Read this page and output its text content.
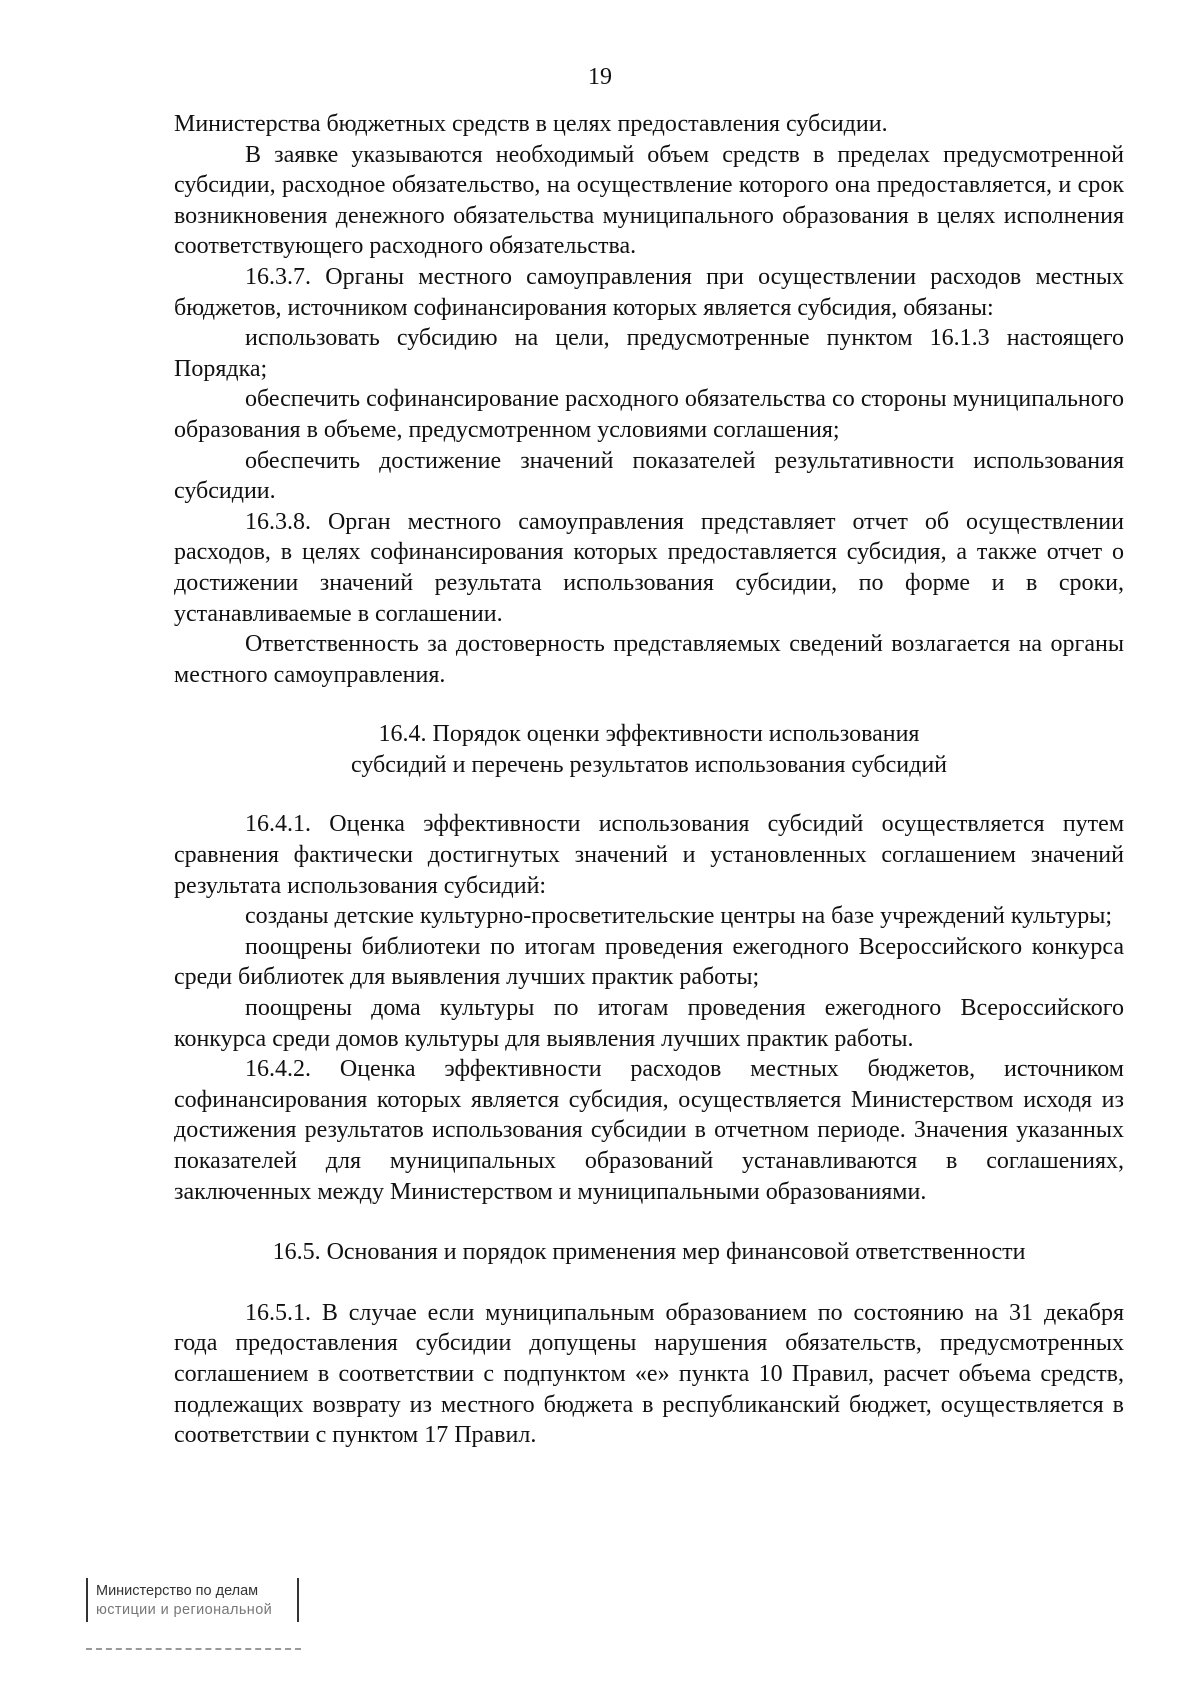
19

Министерства бюджетных средств в целях предоставления субсидии.

В заявке указываются необходимый объем средств в пределах предусмотренной субсидии, расходное обязательство, на осуществление которого она предоставляется, и срок возникновения денежного обязательства муниципального образования в целях исполнения соответствующего расходного обязательства.

16.3.7. Органы местного самоуправления при осуществлении расходов местных бюджетов, источником софинансирования которых является субсидия, обязаны:

использовать субсидию на цели, предусмотренные пунктом 16.1.3 настоящего Порядка;

обеспечить софинансирование расходного обязательства со стороны муниципального образования в объеме, предусмотренном условиями соглашения;

обеспечить достижение значений показателей результативности использования субсидии.

16.3.8. Орган местного самоуправления представляет отчет об осуществлении расходов, в целях софинансирования которых предоставляется субсидия, а также отчет о достижении значений результата использования субсидии, по форме и в сроки, устанавливаемые в соглашении.

Ответственность за достоверность представляемых сведений возлагается на органы местного самоуправления.

16.4. Порядок оценки эффективности использования
субсидий и перечень результатов использования субсидий

16.4.1. Оценка эффективности использования субсидий осуществляется путем сравнения фактически достигнутых значений и установленных соглашением значений результата использования субсидий:

созданы детские культурно-просветительские центры на базе учреждений культуры;

поощрены библиотеки по итогам проведения ежегодного Всероссийского конкурса среди библиотек для выявления лучших практик работы;

поощрены дома культуры по итогам проведения ежегодного Всероссийского конкурса среди домов культуры для выявления лучших практик работы.

16.4.2. Оценка эффективности расходов местных бюджетов, источником софинансирования которых является субсидия, осуществляется Министерством исходя из достижения результатов использования субсидии в отчетном периоде. Значения указанных показателей для муниципальных образований устанавливаются в соглашениях, заключенных между Министерством и муниципальными образованиями.

16.5. Основания и порядок применения мер финансовой ответственности

16.5.1. В случае если муниципальным образованием по состоянию на 31 декабря года предоставления субсидии допущены нарушения обязательств, предусмотренных соглашением в соответствии с подпунктом «е» пункта 10 Правил, расчет объема средств, подлежащих возврату из местного бюджета в республиканский бюджет, осуществляется в соответствии с пунктом 17 Правил.

Министерство по делам
юстиции и региональной
